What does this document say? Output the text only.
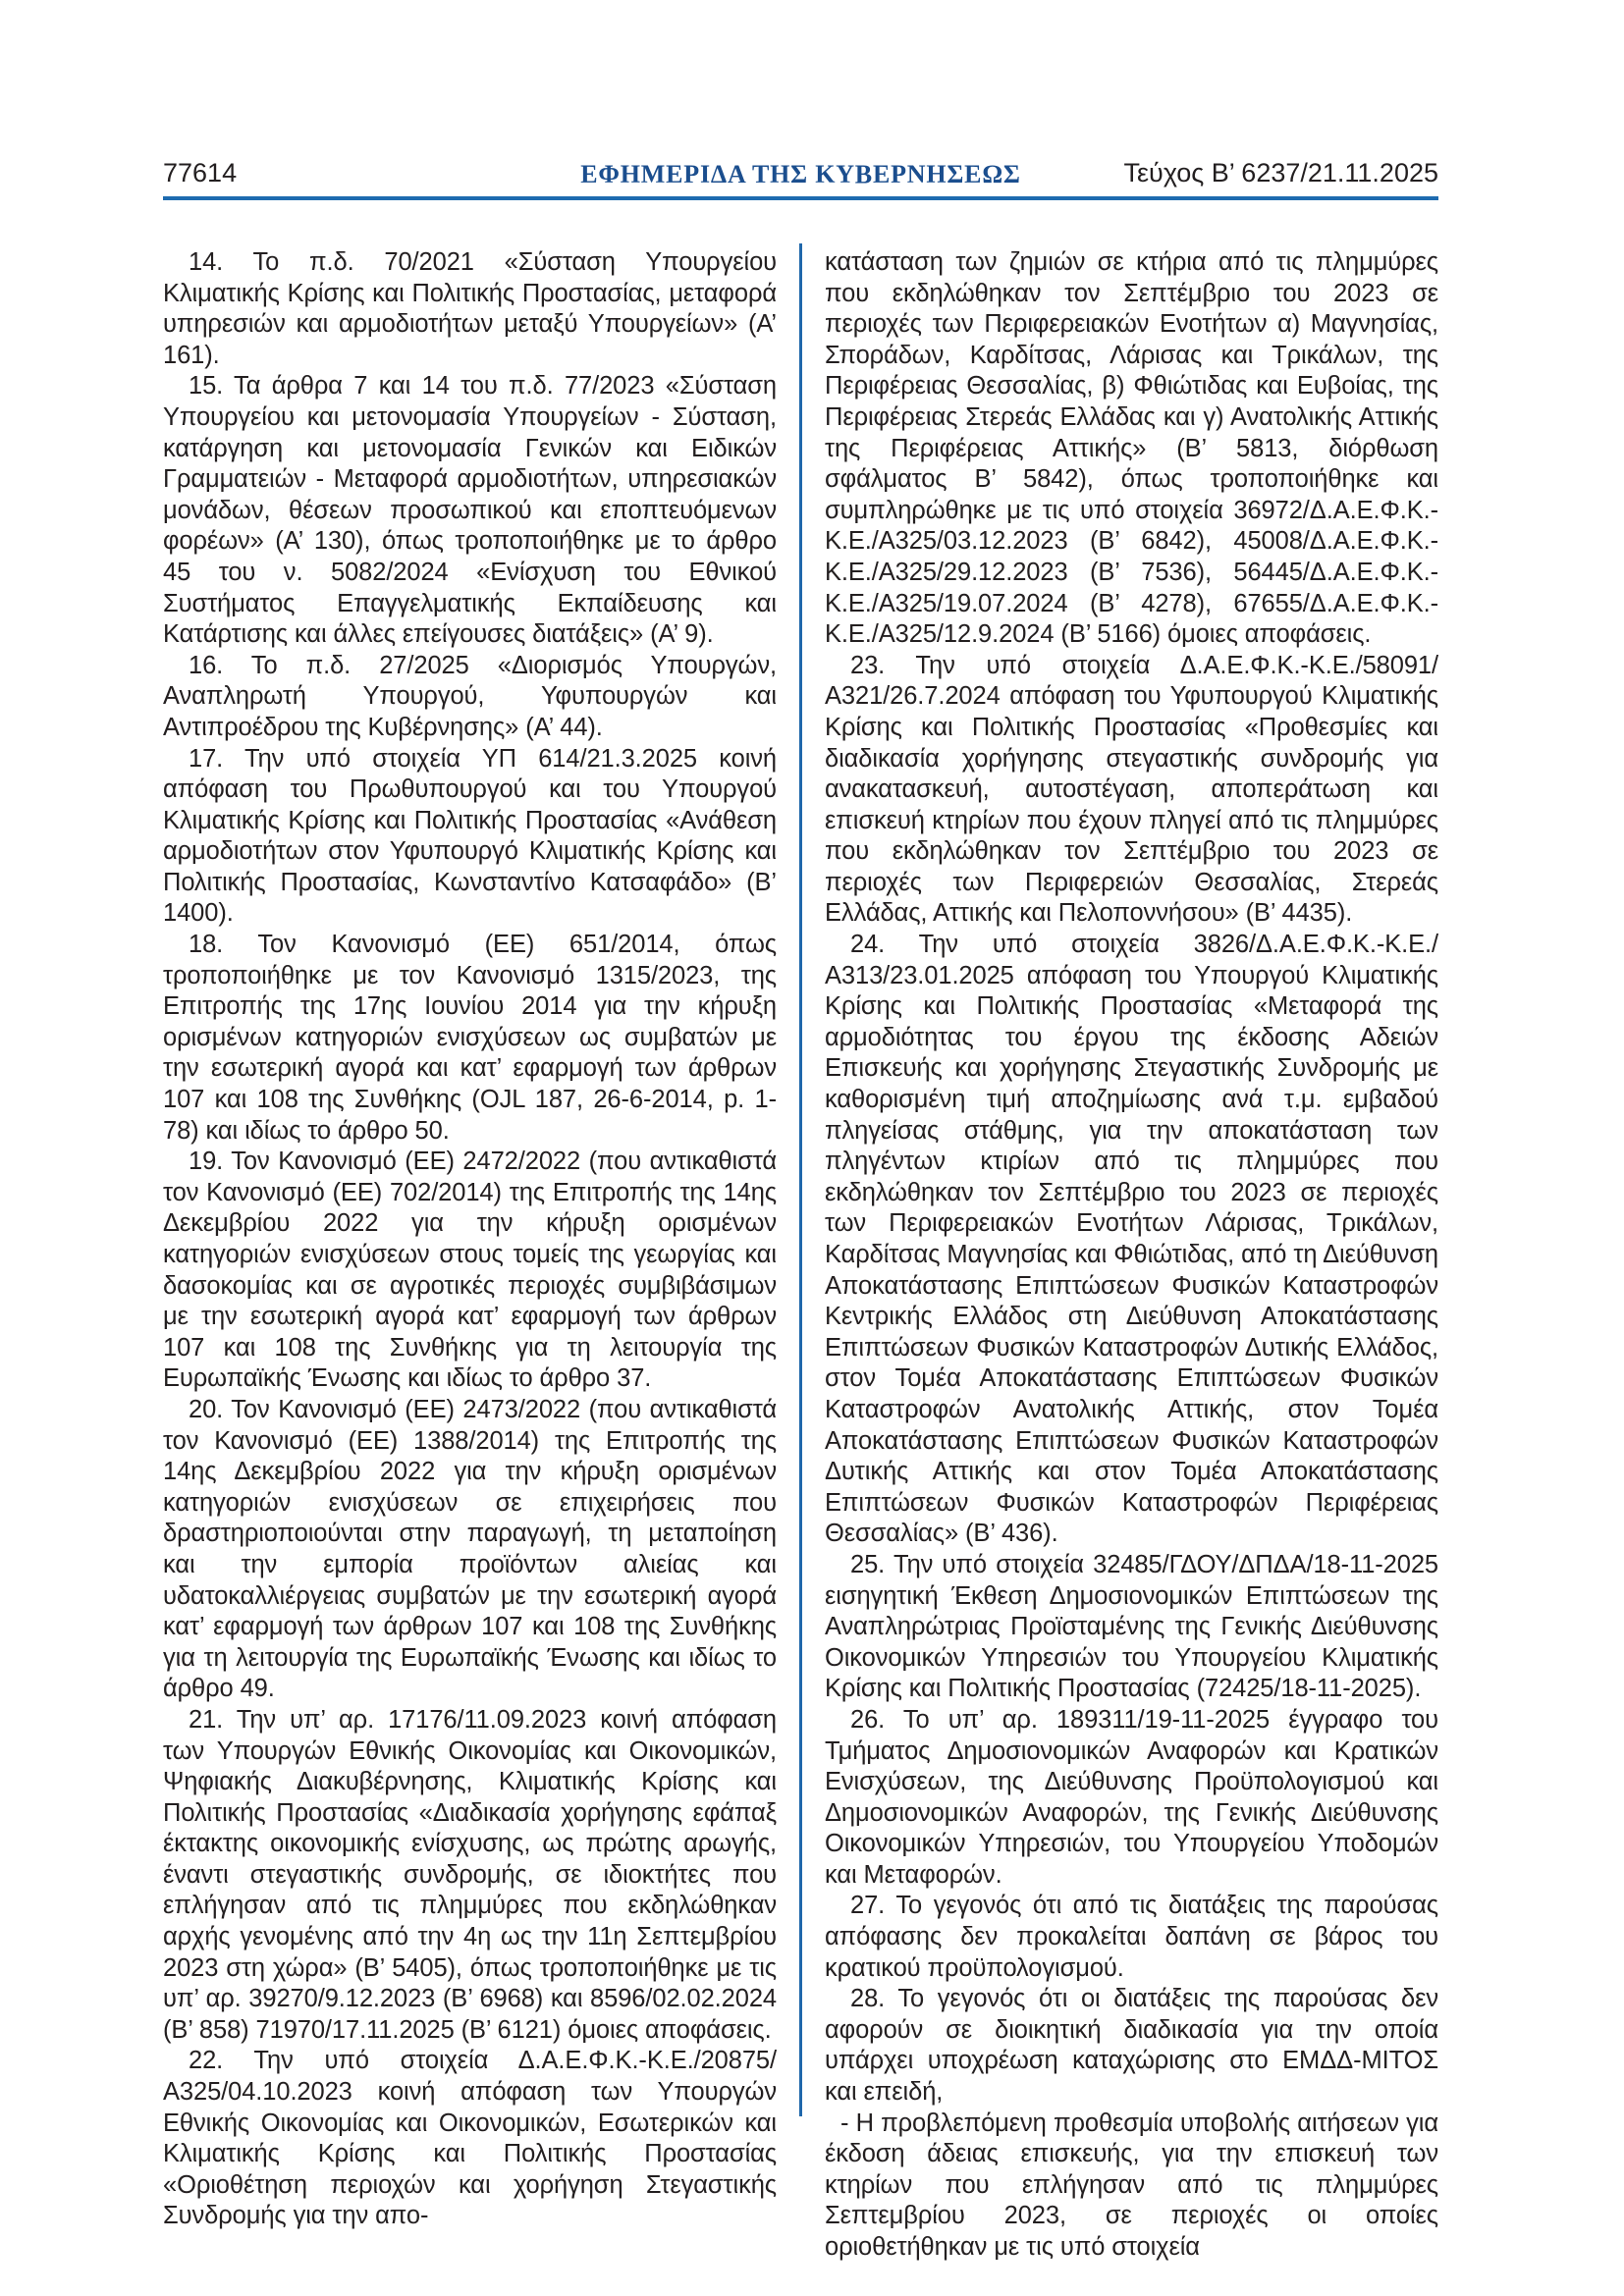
77614	ΕΦΗΜΕΡΙΔΑ ΤΗΣ ΚΥΒΕΡΝΗΣΕΩΣ	Τεύχος Β’ 6237/21.11.2025

14. Το π.δ. 70/2021 «Σύσταση Υπουργείου Κλιματικής Κρίσης και Πολιτικής Προστασίας, μεταφορά υπηρεσιών και αρμοδιοτήτων μεταξύ Υπουργείων» (Α’ 161).

15. Τα άρθρα 7 και 14 του π.δ. 77/2023 «Σύσταση Υπουργείου και μετονομασία Υπουργείων - Σύσταση, κατάργηση και μετονομασία Γενικών και Ειδικών Γραμματειών - Μεταφορά αρμοδιοτήτων, υπηρεσιακών μονάδων, θέσεων προσωπικού και εποπτευόμενων φορέων» (Α’ 130), όπως τροποποιήθηκε με το άρθρο 45 του ν. 5082/2024 «Ενίσχυση του Εθνικού Συστήματος Επαγγελματικής Εκπαίδευσης και Κατάρτισης και άλλες επείγουσες διατάξεις» (Α’ 9).

16. Το π.δ. 27/2025 «Διορισμός Υπουργών, Αναπληρωτή Υπουργού, Υφυπουργών και Αντιπροέδρου της Κυβέρνησης» (Α’ 44).

17. Την υπό στοιχεία ΥΠ 614/21.3.2025 κοινή απόφαση του Πρωθυπουργού και του Υπουργού Κλιματικής Κρίσης και Πολιτικής Προστασίας «Ανάθεση αρμοδιοτήτων στον Υφυπουργό Κλιματικής Κρίσης και Πολιτικής Προστασίας, Κωνσταντίνο Κατσαφάδο» (Β’ 1400).

18. Τον Κανονισμό (ΕΕ) 651/2014, όπως τροποποιήθηκε με τον Κανονισμό 1315/2023, της Επιτροπής της 17ης Ιουνίου 2014 για την κήρυξη ορισμένων κατηγοριών ενισχύσεων ως συμβατών με την εσωτερική αγορά και κατ’ εφαρμογή των άρθρων 107 και 108 της Συνθήκης (OJL 187, 26-6-2014, p. 1-78) και ιδίως το άρθρο 50.

19. Τον Κανονισμό (ΕΕ) 2472/2022 (που αντικαθιστά τον Κανονισμό (ΕΕ) 702/2014) της Επιτροπής της 14ης Δεκεμβρίου 2022 για την κήρυξη ορισμένων κατηγοριών ενισχύσεων στους τομείς της γεωργίας και δασοκομίας και σε αγροτικές περιοχές συμβιβάσιμων με την εσωτερική αγορά κατ’ εφαρμογή των άρθρων 107 και 108 της Συνθήκης για τη λειτουργία της Ευρωπαϊκής Ένωσης και ιδίως το άρθρο 37.

20. Τον Κανονισμό (ΕΕ) 2473/2022 (που αντικαθιστά τον Κανονισμό (ΕΕ) 1388/2014) της Επιτροπής της 14ης Δεκεμβρίου 2022 για την κήρυξη ορισμένων κατηγοριών ενισχύσεων σε επιχειρήσεις που δραστηριοποιούνται στην παραγωγή, τη μεταποίηση και την εμπορία προϊόντων αλιείας και υδατοκαλλιέργειας συμβατών με την εσωτερική αγορά κατ’ εφαρμογή των άρθρων 107 και 108 της Συνθήκης για τη λειτουργία της Ευρωπαϊκής Ένωσης και ιδίως το άρθρο 49.

21. Την υπ’ αρ. 17176/11.09.2023 κοινή απόφαση των Υπουργών Εθνικής Οικονομίας και Οικονομικών, Ψηφιακής Διακυβέρνησης, Κλιματικής Κρίσης και Πολιτικής Προστασίας «Διαδικασία χορήγησης εφάπαξ έκτακτης οικονομικής ενίσχυσης, ως πρώτης αρωγής, έναντι στεγαστικής συνδρομής, σε ιδιοκτήτες που επλήγησαν από τις πλημμύρες που εκδηλώθηκαν αρχής γενομένης από την 4η ως την 11η Σεπτεμβρίου 2023 στη χώρα» (Β’ 5405), όπως τροποποιήθηκε με τις υπ’ αρ. 39270/9.12.2023 (Β’ 6968) και 8596/02.02.2024 (Β’ 858) 71970/17.11.2025 (Β’ 6121) όμοιες αποφάσεις.

22. Την υπό στοιχεία Δ.Α.Ε.Φ.Κ.-Κ.Ε./20875/Α325/04.10.2023 κοινή απόφαση των Υπουργών Εθνικής Οικονομίας και Οικονομικών, Εσωτερικών και Κλιματικής Κρίσης και Πολιτικής Προστασίας «Οριοθέτηση περιοχών και χορήγηση Στεγαστικής Συνδρομής για την απο-

κατάσταση των ζημιών σε κτήρια από τις πλημμύρες που εκδηλώθηκαν τον Σεπτέμβριο του 2023 σε περιοχές των Περιφερειακών Ενοτήτων α) Μαγνησίας, Σποράδων, Καρδίτσας, Λάρισας και Τρικάλων, της Περιφέρειας Θεσσαλίας, β) Φθιώτιδας και Ευβοίας, της Περιφέρειας Στερεάς Ελλάδας και γ) Ανατολικής Αττικής της Περιφέρειας Αττικής» (Β’ 5813, διόρθωση σφάλματος Β’ 5842), όπως τροποποιήθηκε και συμπληρώθηκε με τις υπό στοιχεία 36972/Δ.Α.Ε.Φ.Κ.-Κ.Ε./Α325/03.12.2023 (Β’ 6842), 45008/Δ.Α.Ε.Φ.Κ.-Κ.Ε./Α325/29.12.2023 (Β’ 7536), 56445/Δ.Α.Ε.Φ.Κ.-Κ.Ε./Α325/19.07.2024 (Β’ 4278), 67655/Δ.Α.Ε.Φ.Κ.-Κ.Ε./Α325/12.9.2024 (Β’ 5166) όμοιες αποφάσεις.

23. Την υπό στοιχεία Δ.Α.Ε.Φ.Κ.-Κ.Ε./58091/Α321/26.7.2024 απόφαση του Υφυπουργού Κλιματικής Κρίσης και Πολιτικής Προστασίας «Προθεσμίες και διαδικασία χορήγησης στεγαστικής συνδρομής για ανακατασκευή, αυτοστέγαση, αποπεράτωση και επισκευή κτηρίων που έχουν πληγεί από τις πλημμύρες που εκδηλώθηκαν τον Σεπτέμβριο του 2023 σε περιοχές των Περιφερειών Θεσσαλίας, Στερεάς Ελλάδας, Αττικής και Πελοποννήσου» (Β’ 4435).

24. Την υπό στοιχεία 3826/Δ.Α.Ε.Φ.Κ.-Κ.Ε./Α313/23.01.2025 απόφαση του Υπουργού Κλιματικής Κρίσης και Πολιτικής Προστασίας «Μεταφορά της αρμοδιότητας του έργου της έκδοσης Αδειών Επισκευής και χορήγησης Στεγαστικής Συνδρομής με καθορισμένη τιμή αποζημίωσης ανά τ.μ. εμβαδού πληγείσας στάθμης, για την αποκατάσταση των πληγέντων κτιρίων από τις πλημμύρες που εκδηλώθηκαν τον Σεπτέμβριο του 2023 σε περιοχές των Περιφερειακών Ενοτήτων Λάρισας, Τρικάλων, Καρδίτσας Μαγνησίας και Φθιώτιδας, από τη Διεύθυνση Αποκατάστασης Επιπτώσεων Φυσικών Καταστροφών Κεντρικής Ελλάδος στη Διεύθυνση Αποκατάστασης Επιπτώσεων Φυσικών Καταστροφών Δυτικής Ελλάδος, στον Τομέα Αποκατάστασης Επιπτώσεων Φυσικών Καταστροφών Ανατολικής Αττικής, στον Τομέα Αποκατάστασης Επιπτώσεων Φυσικών Καταστροφών Δυτικής Αττικής και στον Τομέα Αποκατάστασης Επιπτώσεων Φυσικών Καταστροφών Περιφέρειας Θεσσαλίας» (Β’ 436).

25. Την υπό στοιχεία 32485/ΓΔΟΥ/ΔΠΔΑ/18-11-2025 εισηγητική Έκθεση Δημοσιονομικών Επιπτώσεων της Αναπληρώτριας Προϊσταμένης της Γενικής Διεύθυνσης Οικονομικών Υπηρεσιών του Υπουργείου Κλιματικής Κρίσης και Πολιτικής Προστασίας (72425/18-11-2025).

26. Το υπ’ αρ. 189311/19-11-2025 έγγραφο του Τμήματος Δημοσιονομικών Αναφορών και Κρατικών Ενισχύσεων, της Διεύθυνσης Προϋπολογισμού και Δημοσιονομικών Αναφορών, της Γενικής Διεύθυνσης Οικονομικών Υπηρεσιών, του Υπουργείου Υποδομών και Μεταφορών.

27. Το γεγονός ότι από τις διατάξεις της παρούσας απόφασης δεν προκαλείται δαπάνη σε βάρος του κρατικού προϋπολογισμού.

28. Το γεγονός ότι οι διατάξεις της παρούσας δεν αφορούν σε διοικητική διαδικασία για την οποία υπάρχει υποχρέωση καταχώρισης στο ΕΜΔΔ-ΜΙΤΟΣ και επειδή,

- Η προβλεπόμενη προθεσμία υποβολής αιτήσεων για έκδοση άδειας επισκευής, για την επισκευή των κτηρίων που επλήγησαν από τις πλημμύρες Σεπτεμβρίου 2023, σε περιοχές οι οποίες οριοθετήθηκαν με τις υπό στοιχεία
